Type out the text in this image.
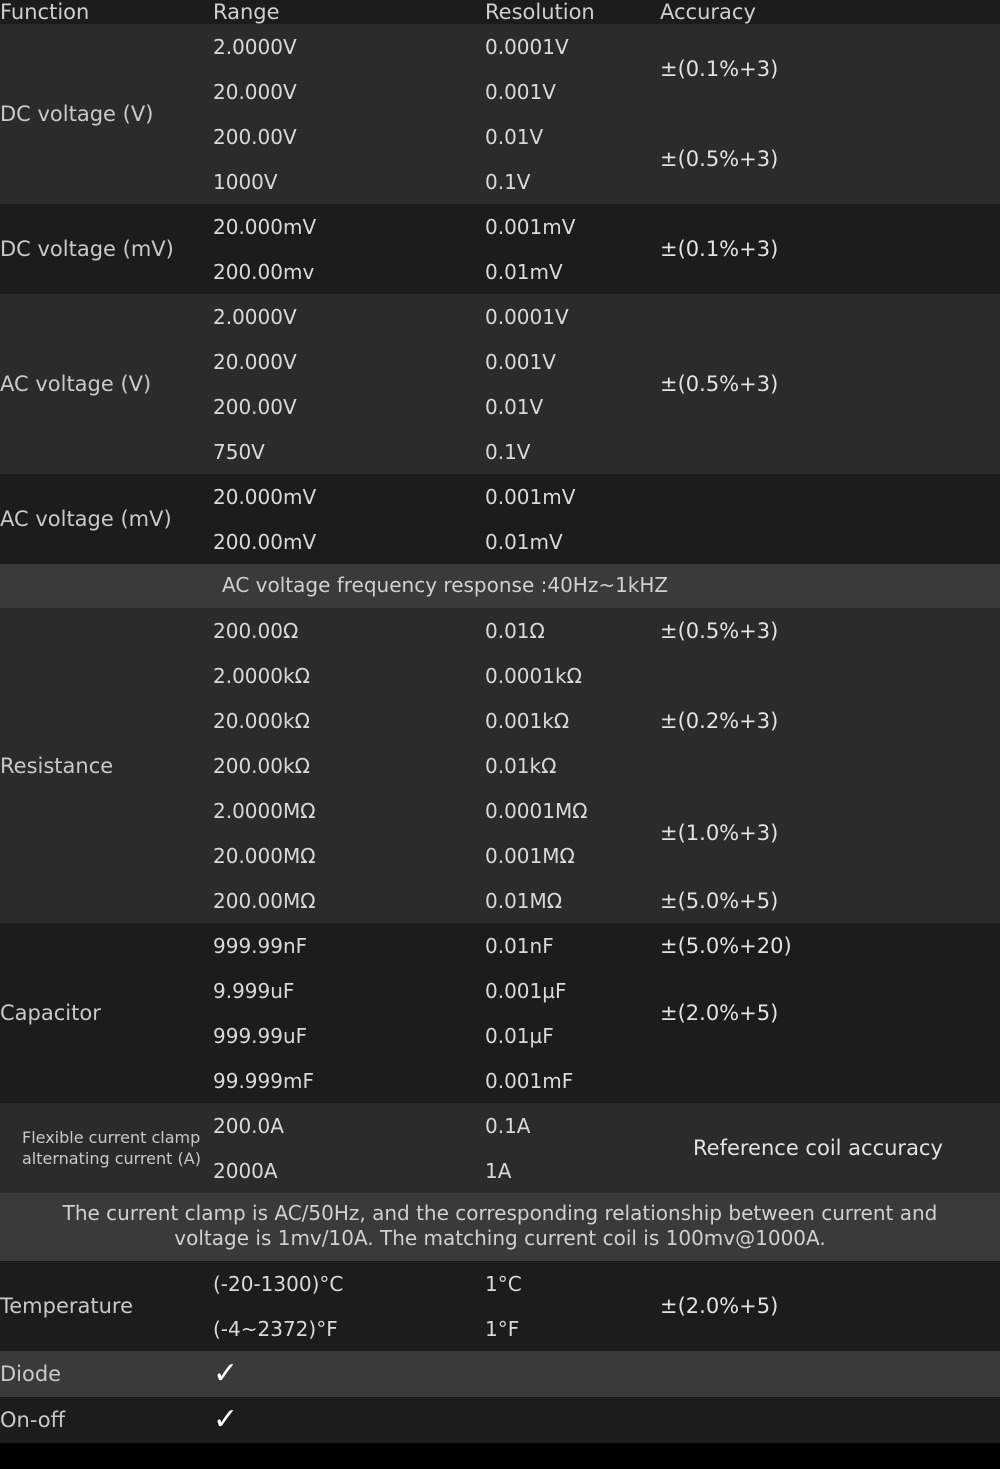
Function	Range	Resolution	Accuracy
DC voltage (V)	2.0000V	0.0001V	±(0.1%+3)
	20.000V	0.001V	
	200.00V	0.01V	±(0.5%+3)
	1000V	0.1V	
DC voltage (mV)	20.000mV	0.001mV	±(0.1%+3)
	200.00mv	0.01mV	
AC voltage (V)	2.0000V	0.0001V	±(0.5%+3)
	20.000V	0.001V	
	200.00V	0.01V	
	750V	0.1V	
AC voltage (mV)	20.000mV	0.001mV	
	200.00mV	0.01mV	
AC voltage frequency response :40Hz~1kHZ			
Resistance	200.00Ω	0.01Ω	±(0.5%+3)
	2.0000kΩ	0.0001kΩ	±(0.2%+3)
	20.000kΩ	0.001kΩ	
	200.00kΩ	0.01kΩ	
	2.0000MΩ	0.0001MΩ	±(1.0%+3)
	20.000MΩ	0.001MΩ	
	200.00MΩ	0.01MΩ	±(5.0%+5)
Capacitor	999.99nF	0.01nF	±(5.0%+20)
	9.999uF	0.001µF	±(2.0%+5)
	999.99uF	0.01µF	
	99.999mF	0.001mF	
Flexible current clamp alternating current (A)	200.0A	0.1A	Reference coil accuracy
	2000A	1A	
The current clamp is AC/50Hz, and the corresponding relationship between current and voltage is 1mv/10A. The matching current coil is 100mv@1000A.			
Temperature	(-20-1300)°C	1°C	±(2.0%+5)
	(-4~2372)°F	1°F	
Diode	✓		
On-off	✓		
